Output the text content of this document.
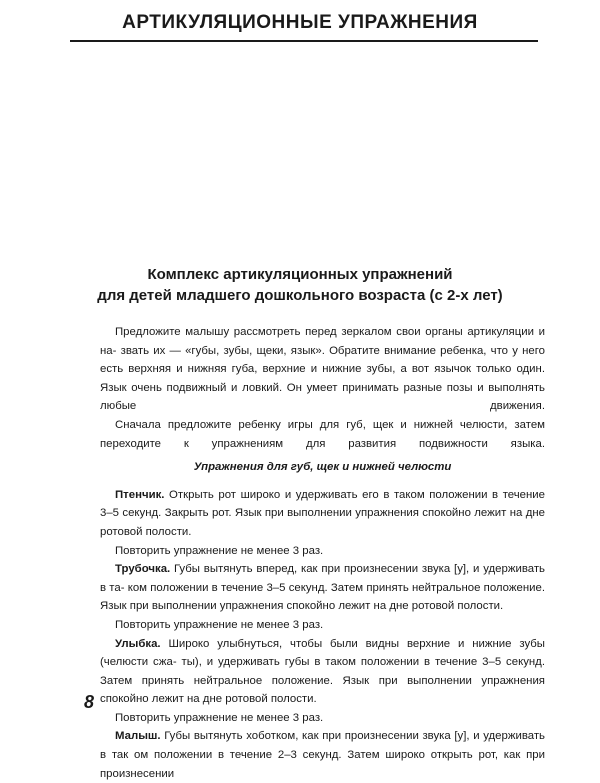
АРТИКУЛЯЦИОННЫЕ УПРАЖНЕНИЯ
Комплекс артикуляционных упражнений
для детей младшего дошкольного возраста (с 2-х лет)

Предложите малышу рассмотреть перед зеркалом свои органы артикуляции и на- звать их — «губы, зубы, щеки, язык». Обратите внимание ребенка, что у него есть верхняя и нижняя губа, верхние и нижние зубы, а вот язычок только один. Язык очень подвижный и ловкий. Он умеет принимать разные позы и выполнять любые движения.

Сначала предложите ребенку игры для губ, щек и нижней челюсти, затем переходите к упражнениям для развития подвижности языка.

Упражнения для губ, щек и нижней челюсти

Птенчик. Открыть рот широко и удерживать его в таком положении в течение 3–5 секунд. Закрыть рот. Язык при выполнении упражнения спокойно лежит на дне ротовой полости.

Повторить упражнение не менее 3 раз.

Трубочка. Губы вытянуть вперед, как при произнесении звука [у], и удерживать в та- ком положении в течение 3–5 секунд. Затем принять нейтральное положение. Язык при выполнении упражнения спокойно лежит на дне ротовой полости.

Повторить упражнение не менее 3 раз.

Улыбка. Широко улыбнуться, чтобы были видны верхние и нижние зубы (челюсти сжа- ты), и удерживать губы в таком положении в течение 3–5 секунд. Затем принять нейтральное положение. Язык при выполнении упражнения спокойно лежит на дне ротовой полости.

Повторить упражнение не менее 3 раз.

Малыш. Губы вытянуть хоботком, как при произнесении звука [у], и удерживать в так ом положении в течение 2–3 секунд. Затем широко открыть рот, как при произнесении

8
